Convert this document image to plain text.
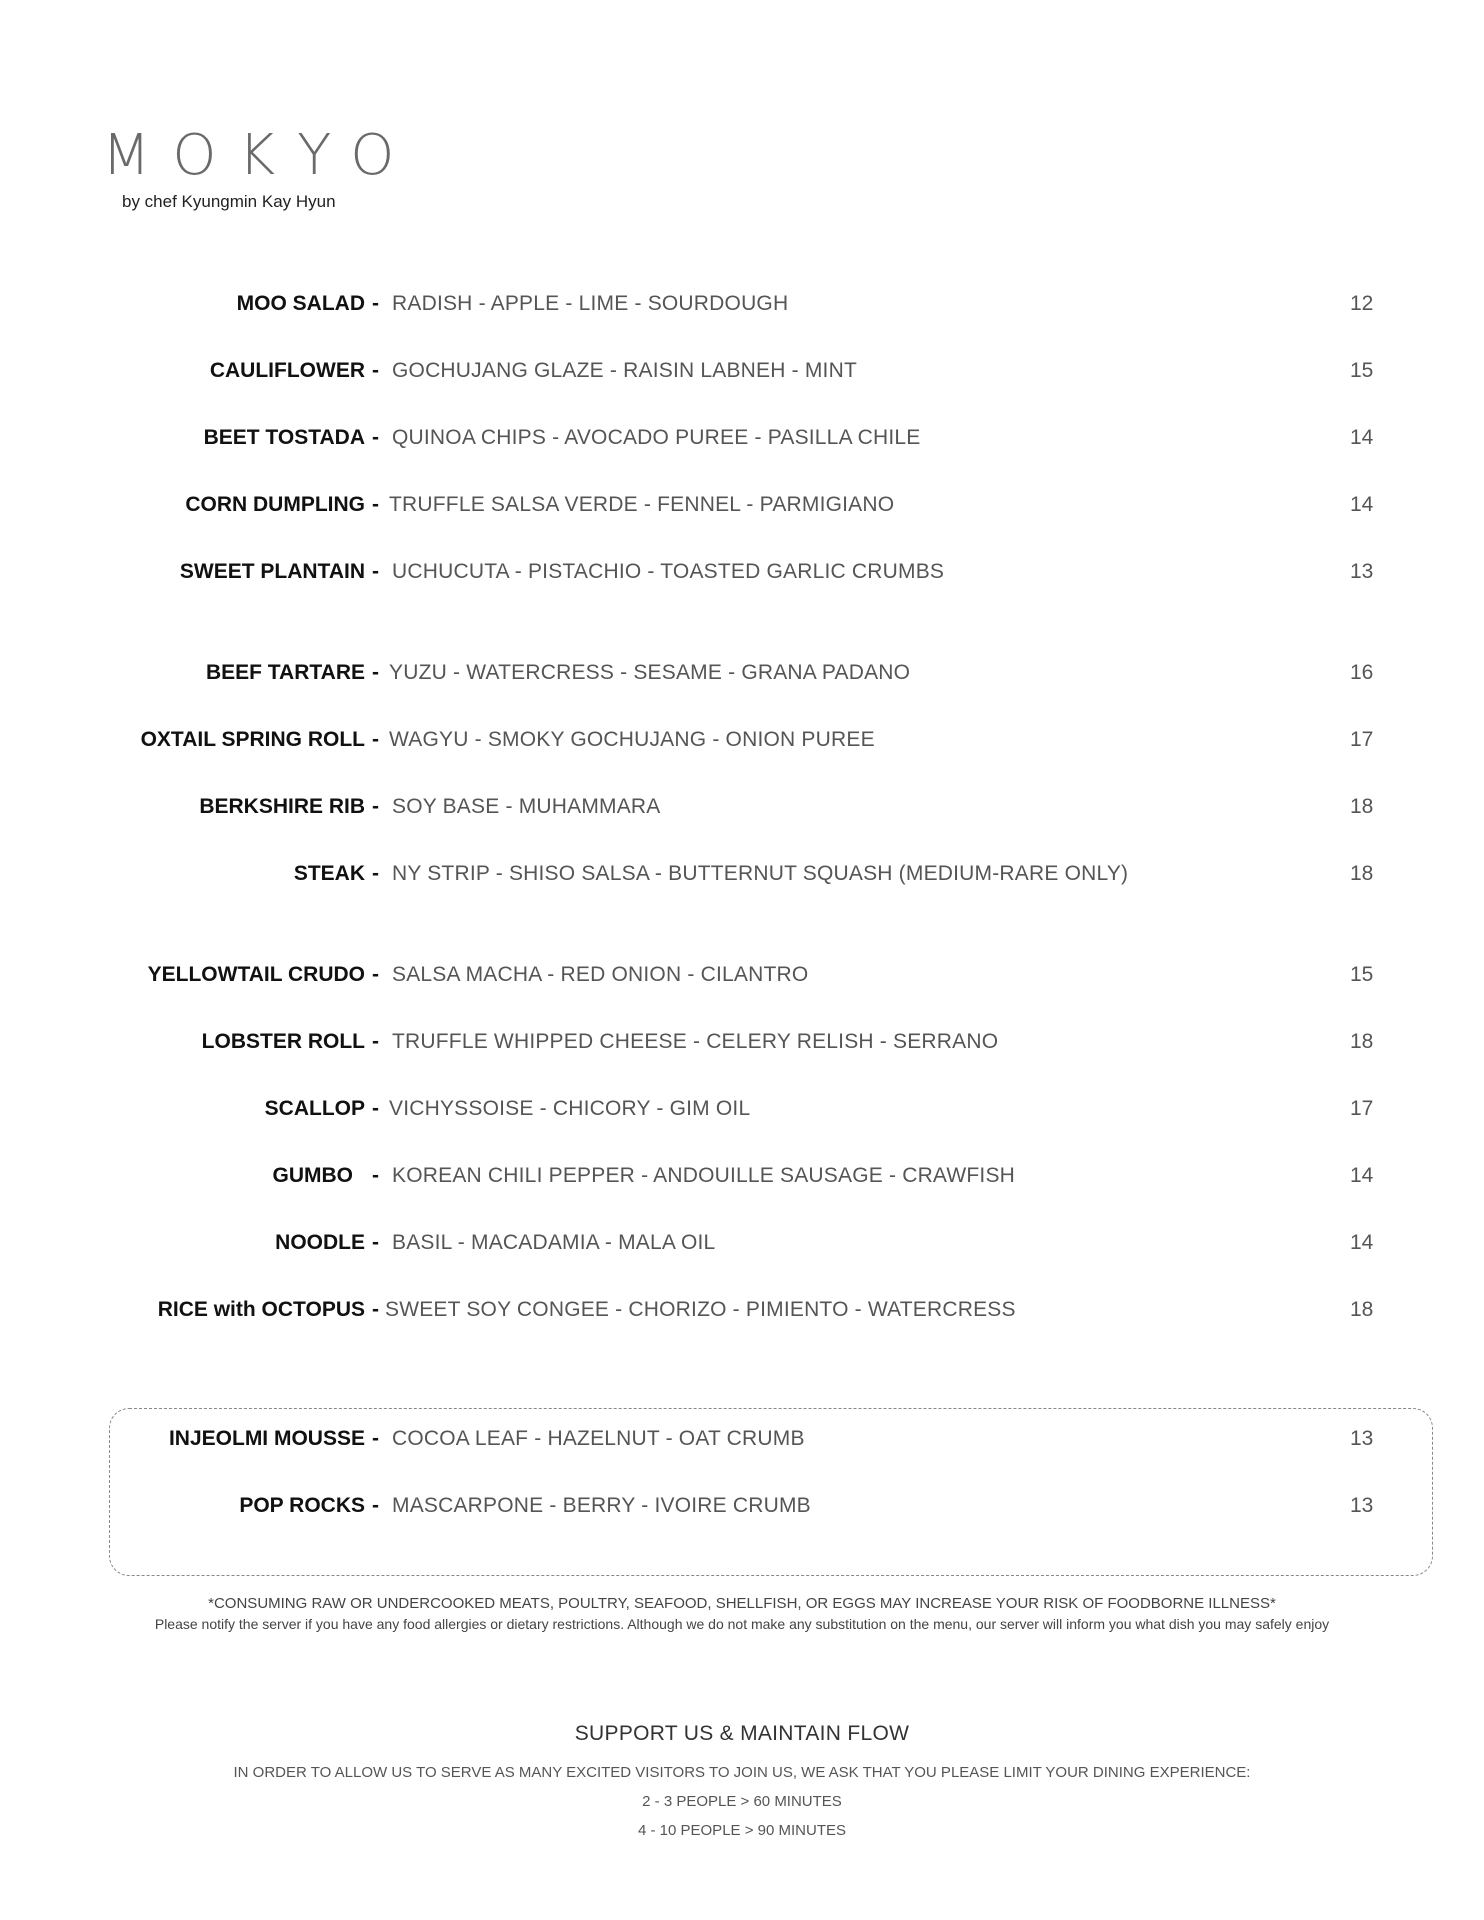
MOKYO
by chef Kyungmin Kay Hyun
MOO SALAD - RADISH - APPLE - LIME - SOURDOUGH	12
CAULIFLOWER - GOCHUJANG GLAZE - RAISIN LABNEH - MINT	15
BEET TOSTADA - QUINOA CHIPS - AVOCADO PUREE - PASILLA CHILE	14
CORN DUMPLING - TRUFFLE SALSA VERDE - FENNEL - PARMIGIANO	14
SWEET PLANTAIN - UCHUCUTA - PISTACHIO - TOASTED GARLIC CRUMBS	13
BEEF TARTARE - YUZU - WATERCRESS - SESAME - GRANA PADANO	16
OXTAIL SPRING ROLL - WAGYU - SMOKY GOCHUJANG - ONION PUREE	17
BERKSHIRE RIB - SOY BASE - MUHAMMARA	18
STEAK - NY STRIP - SHISO SALSA - BUTTERNUT SQUASH (MEDIUM-RARE ONLY)	18
YELLOWTAIL CRUDO - SALSA MACHA - RED ONION - CILANTRO	15
LOBSTER ROLL - TRUFFLE WHIPPED CHEESE - CELERY RELISH - SERRANO	18
SCALLOP - VICHYSSOISE - CHICORY - GIM OIL	17
GUMBO - KOREAN CHILI PEPPER - ANDOUILLE SAUSAGE - CRAWFISH	14
NOODLE - BASIL - MACADAMIA - MALA OIL	14
RICE with OCTOPUS - SWEET SOY CONGEE - CHORIZO - PIMIENTO - WATERCRESS	18
INJEOLMI MOUSSE - COCOA LEAF - HAZELNUT - OAT CRUMB	13
POP ROCKS - MASCARPONE - BERRY - IVOIRE CRUMB	13
*CONSUMING RAW OR UNDERCOOKED MEATS, POULTRY, SEAFOOD, SHELLFISH, OR EGGS MAY INCREASE YOUR RISK OF FOODBORNE ILLNESS*
Please notify the server if you have any food allergies or dietary restrictions. Although we do not make any substitution on the menu, our server will inform you what dish you may safely enjoy
SUPPORT US & MAINTAIN FLOW
IN ORDER TO ALLOW US TO SERVE AS MANY EXCITED VISITORS TO JOIN US, WE ASK THAT YOU PLEASE LIMIT YOUR DINING EXPERIENCE:
2 - 3 PEOPLE > 60 MINUTES
4 - 10 PEOPLE > 90 MINUTES
